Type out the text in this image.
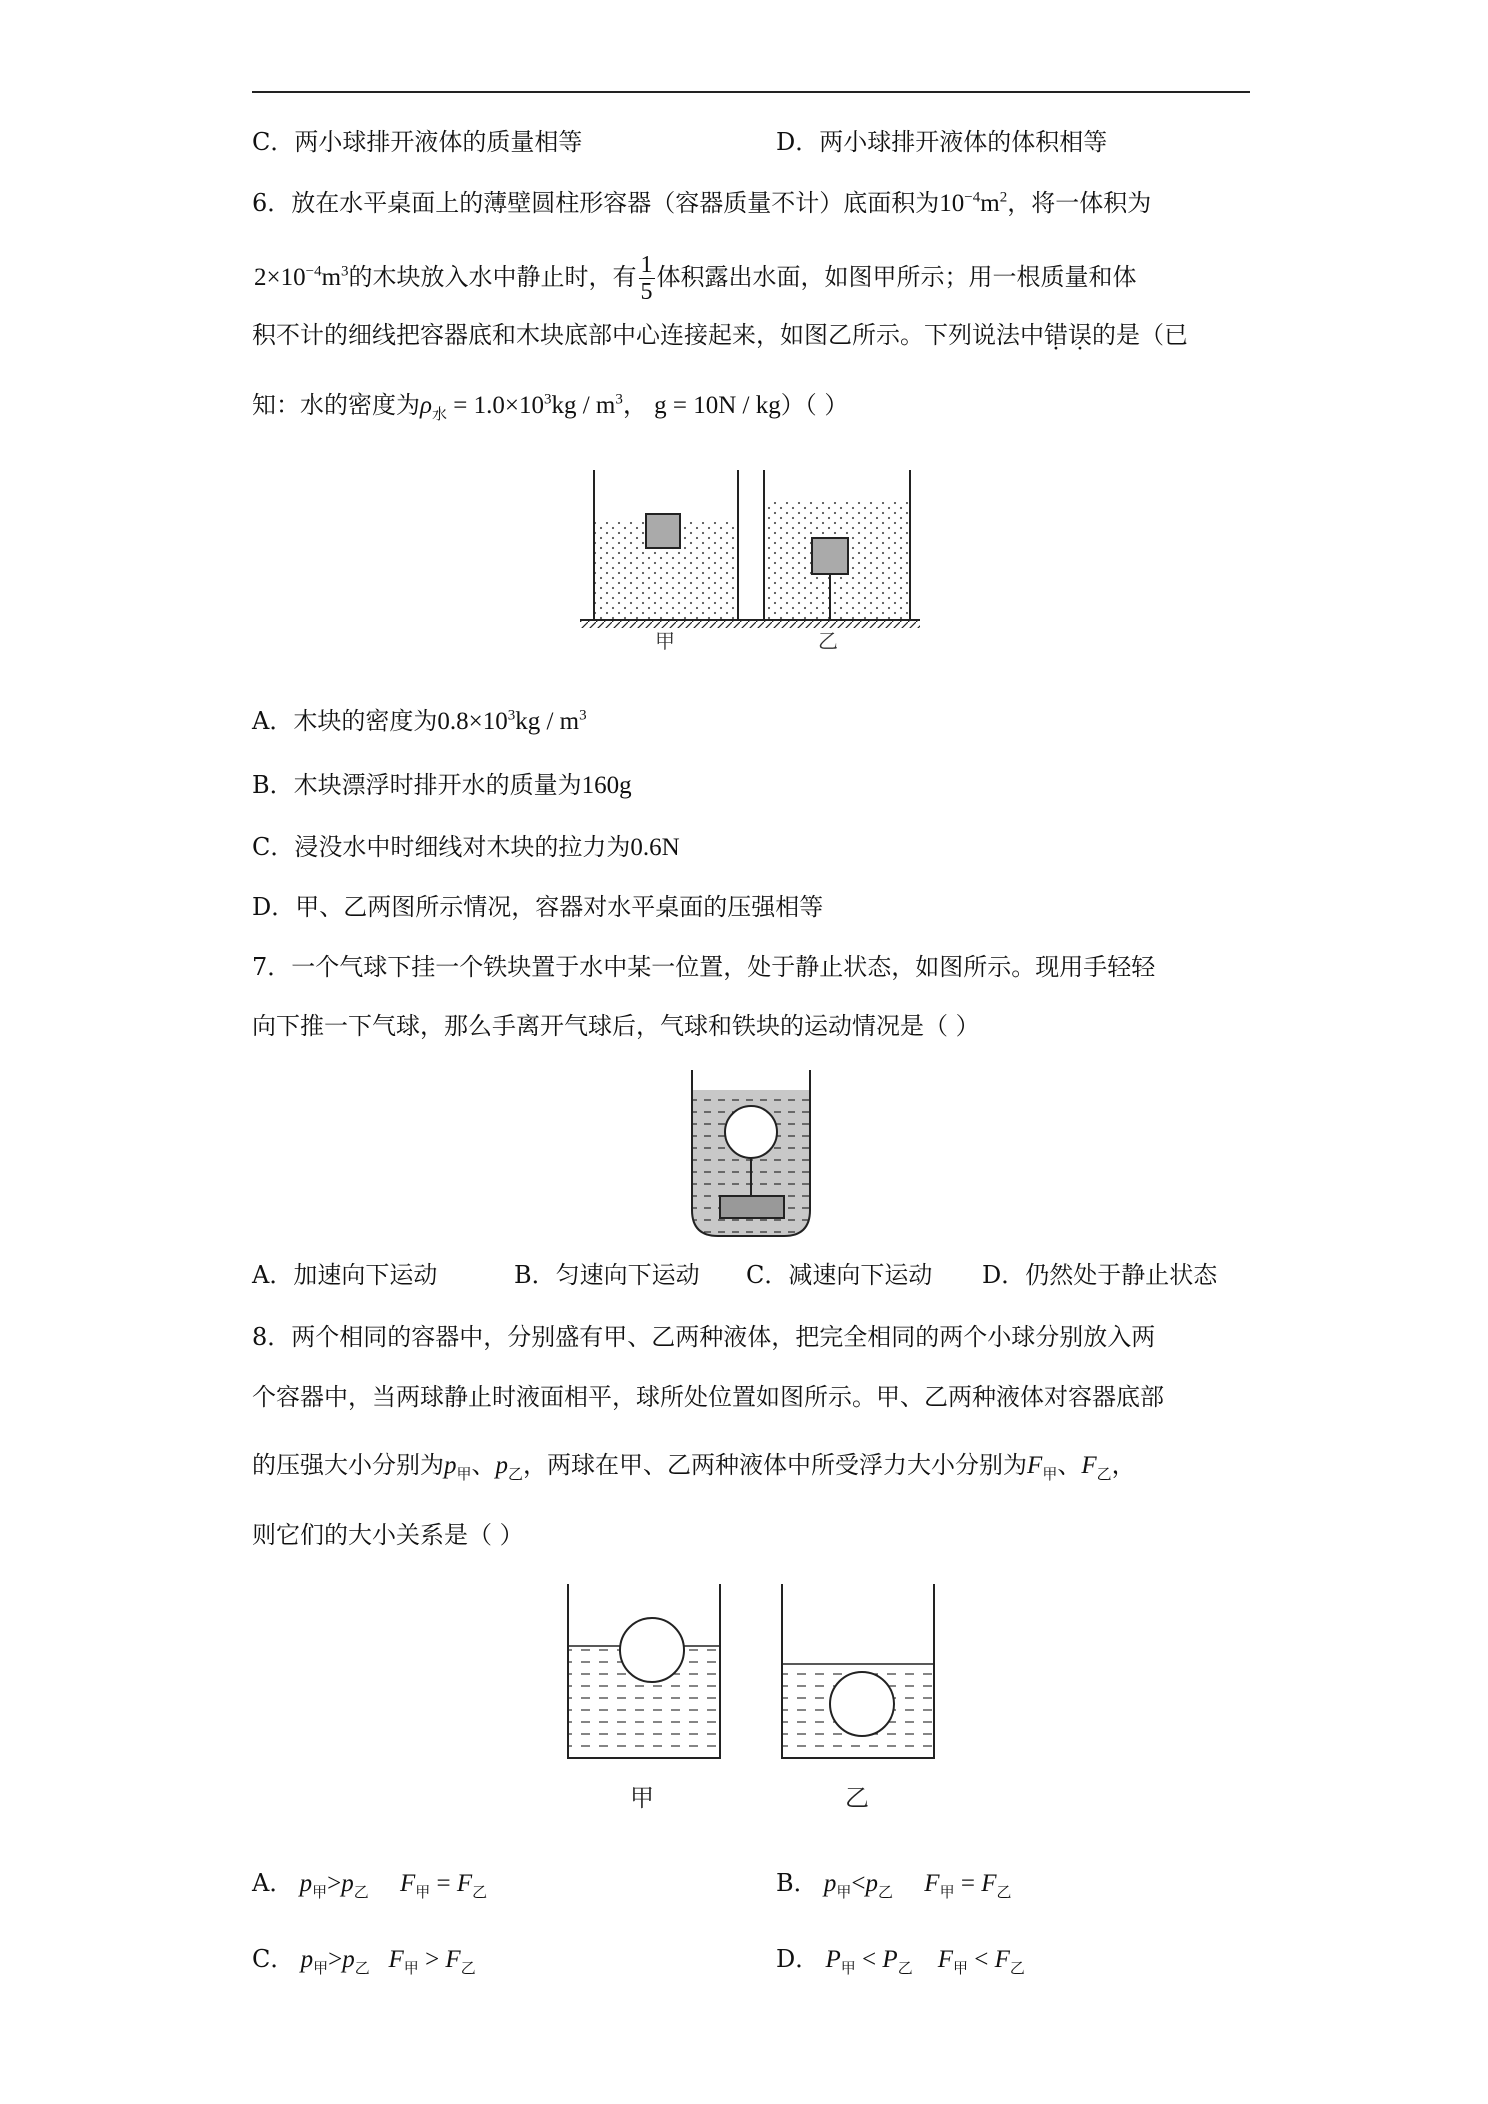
C．两小球排开液体的质量相等	D．两小球排开液体的体积相等
6．放在水平桌面上的薄壁圆柱形容器（容器质量不计）底面积为$10^{-4}m^2$，将一体积为
$2\times 10^{-4}m^3$的木块放入水中静止时，有 $\frac{1}{5}$ 体积露出水面，如图甲所示；用一根质量和体
积不计的细线把容器底和木块底部中心连接起来，如图乙所示。下列说法中错误的是（已
知：水的密度为$\rho_水 = 1.0\times 10^3kg / m^3$， g = 10N / kg）（ ）
甲	乙
A．木块的密度为$0.8\times 10^3kg / m^3$
B．木块漂浮时排开水的质量为160g
C．浸没水中时细线对木块的拉力为0.6N
D．甲、乙两图所示情况，容器对水平桌面的压强相等
7．一个气球下挂一个铁块置于水中某一位置，处于静止状态，如图所示。现用手轻轻
向下推一下气球，那么手离开气球后，气球和铁块的运动情况是（ ）
A．加速向下运动	B．匀速向下运动 C．减速向下运动 D．仍然处于静止状态
8．两个相同的容器中，分别盛有甲、乙两种液体，把完全相同的两个小球分别放入两
个容器中，当两球静止时液面相平，球所处位置如图所示。甲、乙两种液体对容器底部
的压强大小分别为$p_甲$、$p_乙$，两球在甲、乙两种液体中所受浮力大小分别为$F_甲$、$F_乙$，
则它们的大小关系是（ ）
甲	乙
A． $p_甲>p_乙$ $F_甲 = F_乙$	B． $p_甲<p_乙$ $F_甲 = F_乙$
C． $p_甲>p_乙$ $F_甲 > F_乙$	D． $P_甲 < P_乙$ $F_甲 < F_乙$
